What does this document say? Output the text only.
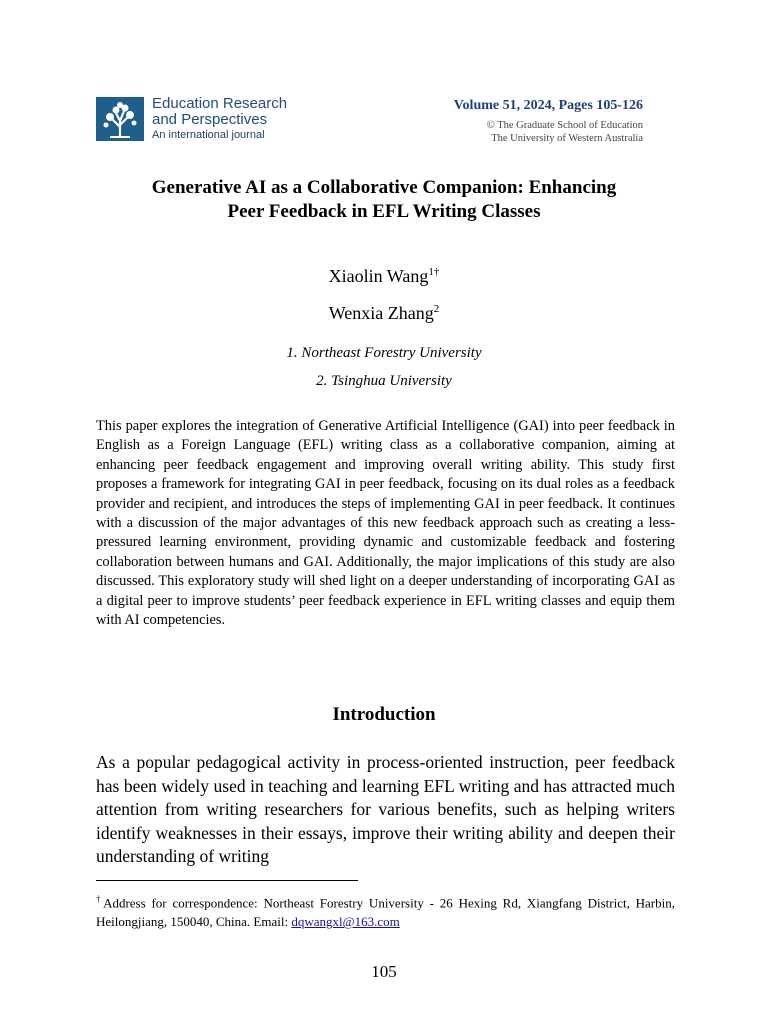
Education Research
and Perspectives
An international journal
Volume 51, 2024, Pages 105-126
© The Graduate School of Education
The University of Western Australia
Generative AI as a Collaborative Companion: Enhancing
Peer Feedback in EFL Writing Classes
Xiaolin Wang$^{1\dagger}$
Wenxia Zhang$^2$
1. Northeast Forestry University
2. Tsinghua University
This paper explores the integration of Generative Artificial Intelligence (GAI) into peer feedback in English as a Foreign Language (EFL) writing class as a collaborative companion, aiming at enhancing peer feedback engagement and improving overall writing ability. This study first proposes a framework for integrating GAI in peer feedback, focusing on its dual roles as a feedback provider and recipient, and introduces the steps of implementing GAI in peer feedback. It continues with a discussion of the major advantages of this new feedback approach such as creating a less-pressured learning environment, providing dynamic and customizable feedback and fostering collaboration between humans and GAI. Additionally, the major implications of this study are also discussed. This exploratory study will shed light on a deeper understanding of incorporating GAI as a digital peer to improve students’ peer feedback experience in EFL writing classes and equip them with AI competencies.
Introduction
As a popular pedagogical activity in process-oriented instruction, peer feedback has been widely used in teaching and learning EFL writing and has attracted much attention from writing researchers for various benefits, such as helping writers identify weaknesses in their essays, improve their writing ability and deepen their understanding of writing
†Address for correspondence: Northeast Forestry University - 26 Hexing Rd, Xiangfang District, Harbin, Heilongjiang, 150040, China. Email: dqwangxl@163.com
105
